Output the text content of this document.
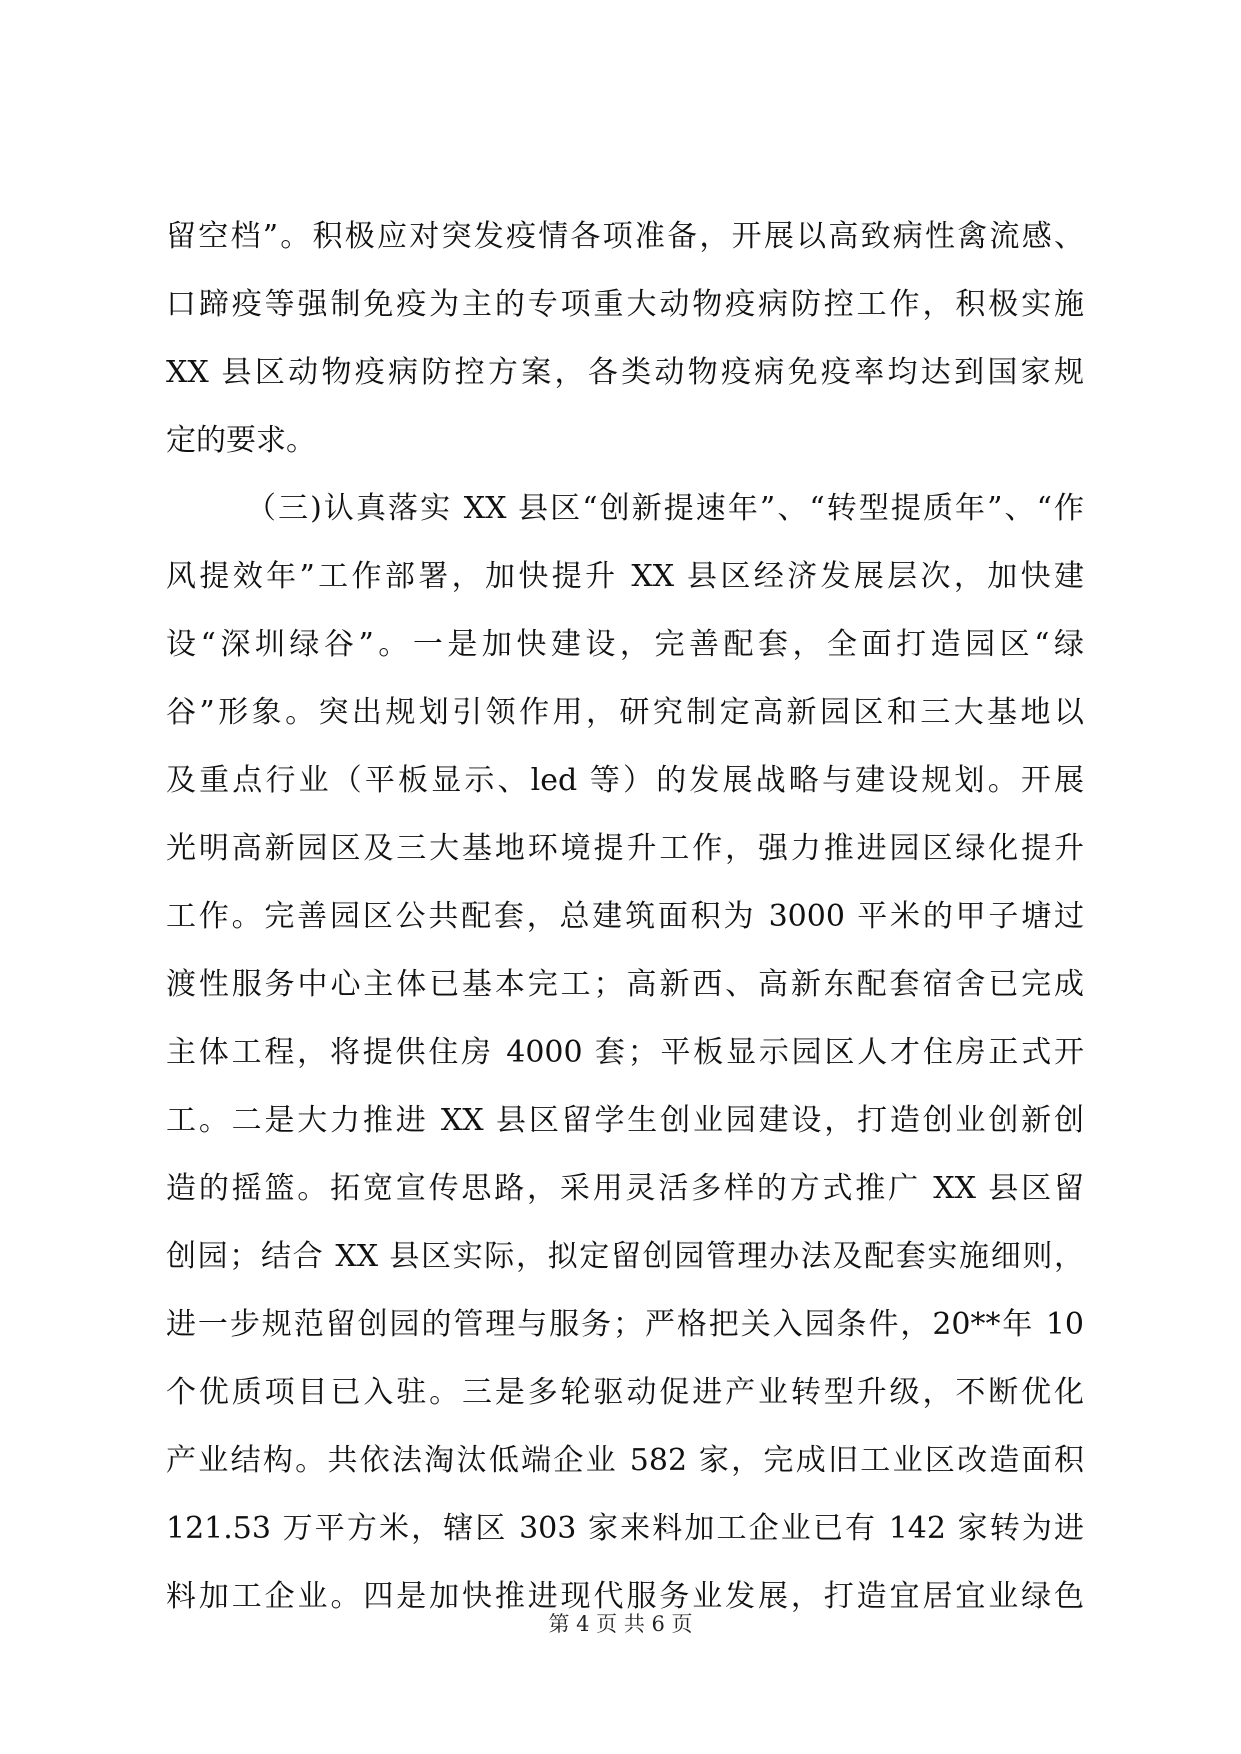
留空档”。积极应对突发疫情各项准备，开展以高致病性禽流感、
口蹄疫等强制免疫为主的专项重大动物疫病防控工作，积极实施
XX 县区动物疫病防控方案，各类动物疫病免疫率均达到国家规
定的要求。
（三)认真落实 XX 县区“创新提速年”、“转型提质年”、“作
风提效年”工作部署，加快提升 XX 县区经济发展层次，加快建
设“深圳绿谷”。一是加快建设，完善配套，全面打造园区“绿
谷”形象。突出规划引领作用，研究制定高新园区和三大基地以
及重点行业（平板显示、led 等）的发展战略与建设规划。开展
光明高新园区及三大基地环境提升工作，强力推进园区绿化提升
工作。完善园区公共配套，总建筑面积为 3000 平米的甲子塘过
渡性服务中心主体已基本完工；高新西、高新东配套宿舍已完成
主体工程，将提供住房 4000 套；平板显示园区人才住房正式开
工。二是大力推进 XX 县区留学生创业园建设，打造创业创新创
造的摇篮。拓宽宣传思路，采用灵活多样的方式推广 XX 县区留
创园；结合 XX 县区实际，拟定留创园管理办法及配套实施细则，
进一步规范留创园的管理与服务；严格把关入园条件，20**年 10
个优质项目已入驻。三是多轮驱动促进产业转型升级，不断优化
产业结构。共依法淘汰低端企业 582 家，完成旧工业区改造面积
121.53 万平方米，辖区 303 家来料加工企业已有 142 家转为进
料加工企业。四是加快推进现代服务业发展，打造宜居宜业绿色
第 4 页 共 6 页
